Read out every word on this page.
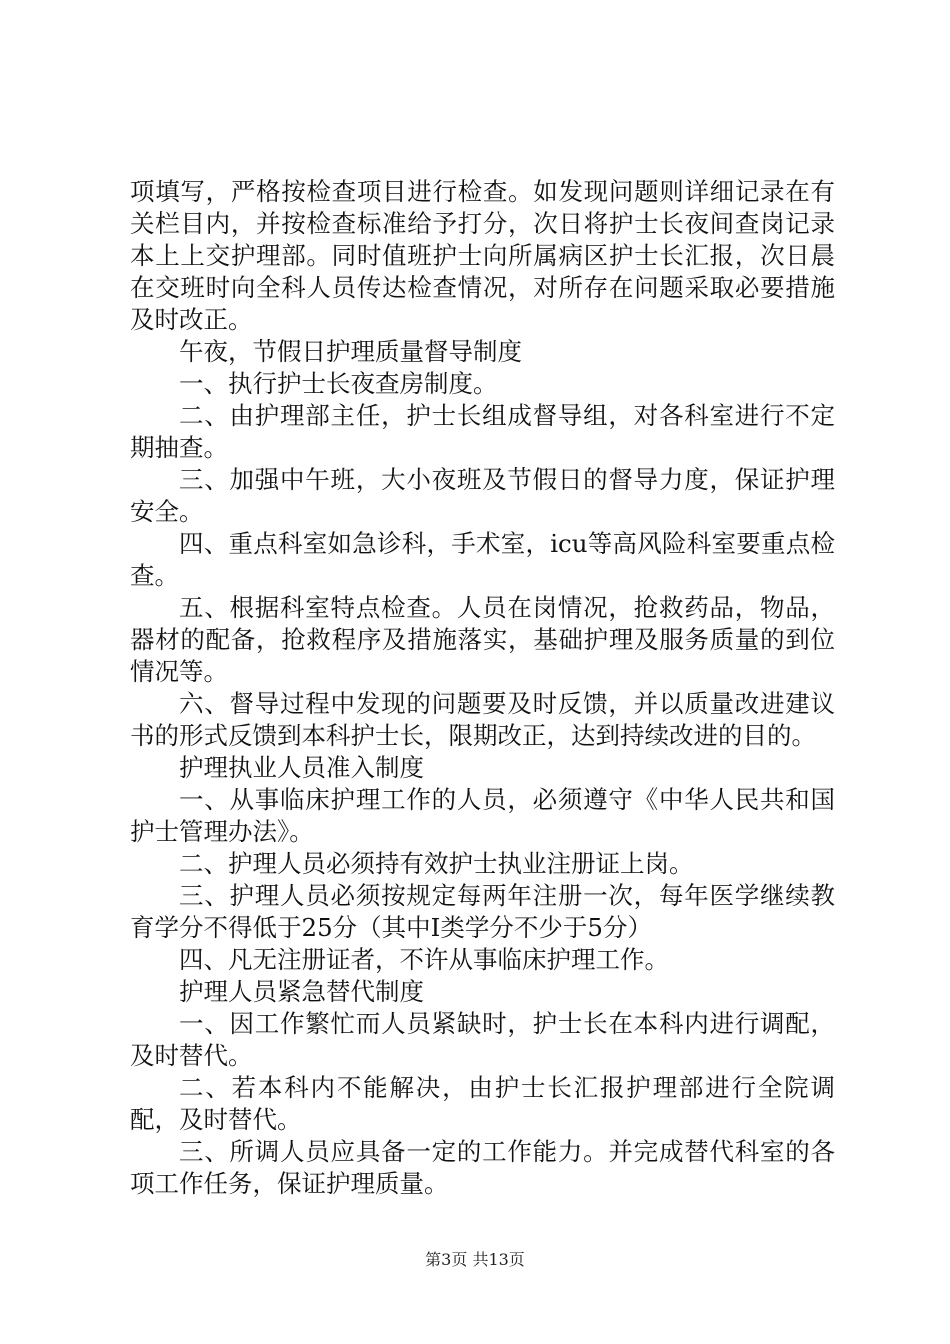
项填写，严格按检查项目进行检查。如发现问题则详细记录在有关栏目内，并按检查标准给予打分，次日将护士长夜间查岗记录本上上交护理部。同时值班护士向所属病区护士长汇报，次日晨在交班时向全科人员传达检查情况，对所存在问题采取必要措施及时改正。

午夜，节假日护理质量督导制度

一、执行护士长夜查房制度。

二、由护理部主任，护士长组成督导组，对各科室进行不定期抽查。

三、加强中午班，大小夜班及节假日的督导力度，保证护理安全。

四、重点科室如急诊科，手术室，icu等高风险科室要重点检查。

五、根据科室特点检查。人员在岗情况，抢救药品，物品，器材的配备，抢救程序及措施落实，基础护理及服务质量的到位情况等。

六、督导过程中发现的问题要及时反馈，并以质量改进建议书的形式反馈到本科护士长，限期改正，达到持续改进的目的。

护理执业人员准入制度

一、从事临床护理工作的人员，必须遵守《中华人民共和国护士管理办法》。

二、护理人员必须持有效护士执业注册证上岗。

三、护理人员必须按规定每两年注册一次，每年医学继续教育学分不得低于25分（其中Ⅰ类学分不少于5分）

四、凡无注册证者，不许从事临床护理工作。

护理人员紧急替代制度

一、因工作繁忙而人员紧缺时，护士长在本科内进行调配，及时替代。

二、若本科内不能解决，由护士长汇报护理部进行全院调配，及时替代。

三、所调人员应具备一定的工作能力。并完成替代科室的各项工作任务，保证护理质量。

第3页 共13页
